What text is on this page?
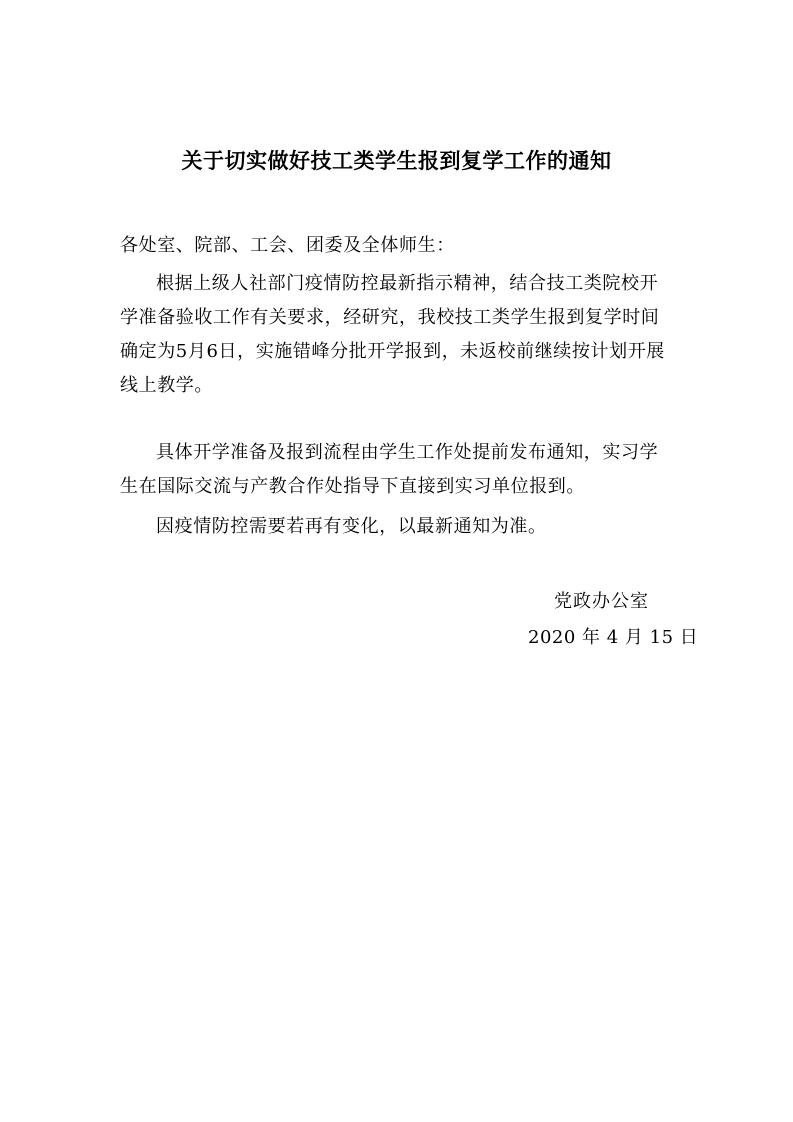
关于切实做好技工类学生报到复学工作的通知
各处室、院部、工会、团委及全体师生：

根据上级人社部门疫情防控最新指示精神，结合技工类院校开学准备验收工作有关要求，经研究，我校技工类学生报到复学时间确定为5月6日，实施错峰分批开学报到，未返校前继续按计划开展线上教学。

具体开学准备及报到流程由学生工作处提前发布通知，实习学生在国际交流与产教合作处指导下直接到实习单位报到。

因疫情防控需要若再有变化，以最新通知为准。

党政办公室
2020 年 4 月 15 日
